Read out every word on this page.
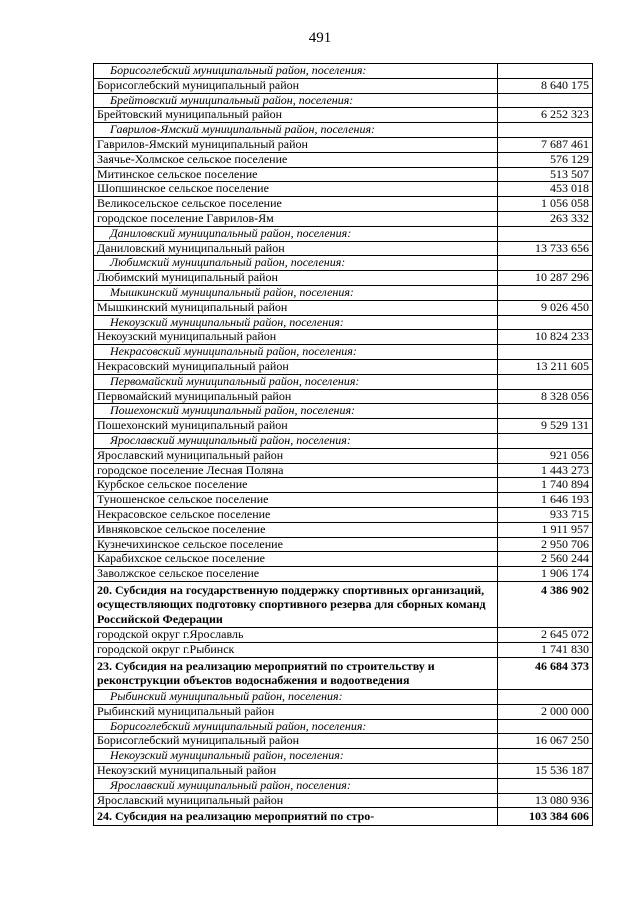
491
Борисоглебский муниципальный район, поселения:	
Борисоглебский муниципальный район	8 640 175
Брейтовский муниципальный район, поселения:	
Брейтовский муниципальный район	6 252 323
Гаврилов-Ямский муниципальный район, поселения:	
Гаврилов-Ямский муниципальный район	7 687 461
Заячье-Холмское сельское поселение	576 129
Митинское сельское поселение	513 507
Шопшинское сельское поселение	453 018
Великосельское сельское поселение	1 056 058
городское поселение Гаврилов-Ям	263 332
Даниловский муниципальный район, поселения:	
Даниловский муниципальный район	13 733 656
Любимский муниципальный район, поселения:	
Любимский муниципальный район	10 287 296
Мышкинский муниципальный район, поселения:	
Мышкинский муниципальный район	9 026 450
Некоузский муниципальный район, поселения:	
Некоузский муниципальный район	10 824 233
Некрасовский муниципальный район, поселения:	
Некрасовский муниципальный район	13 211 605
Первомайский муниципальный район, поселения:	
Первомайский муниципальный район	8 328 056
Пошехонский муниципальный район, поселения:	
Пошехонский муниципальный район	9 529 131
Ярославский муниципальный район, поселения:	
Ярославский муниципальный район	921 056
городское поселение Лесная Поляна	1 443 273
Курбское сельское поселение	1 740 894
Туношенское сельское поселение	1 646 193
Некрасовское сельское поселение	933 715
Ивняковское сельское поселение	1 911 957
Кузнечихинское сельское поселение	2 950 706
Карабихское сельское поселение	2 560 244
Заволжское сельское поселение	1 906 174
20. Субсидия на государственную поддержку спортивных организаций, осуществляющих подготовку спортивного резерва для сборных команд Российской Федерации	4 386 902
городской округ г.Ярославль	2 645 072
городской округ г.Рыбинск	1 741 830
23. Субсидия на реализацию мероприятий по строительству и реконструкции объектов водоснабжения и водоотведения	46 684 373
Рыбинский муниципальный район, поселения:	
Рыбинский муниципальный район	2 000 000
Борисоглебский муниципальный район, поселения:	
Борисоглебский муниципальный район	16 067 250
Некоузский муниципальный район, поселения:	
Некоузский муниципальный район	15 536 187
Ярославский муниципальный район, поселения:	
Ярославский муниципальный район	13 080 936
24. Субсидия на реализацию мероприятий по стро-	103 384 606
